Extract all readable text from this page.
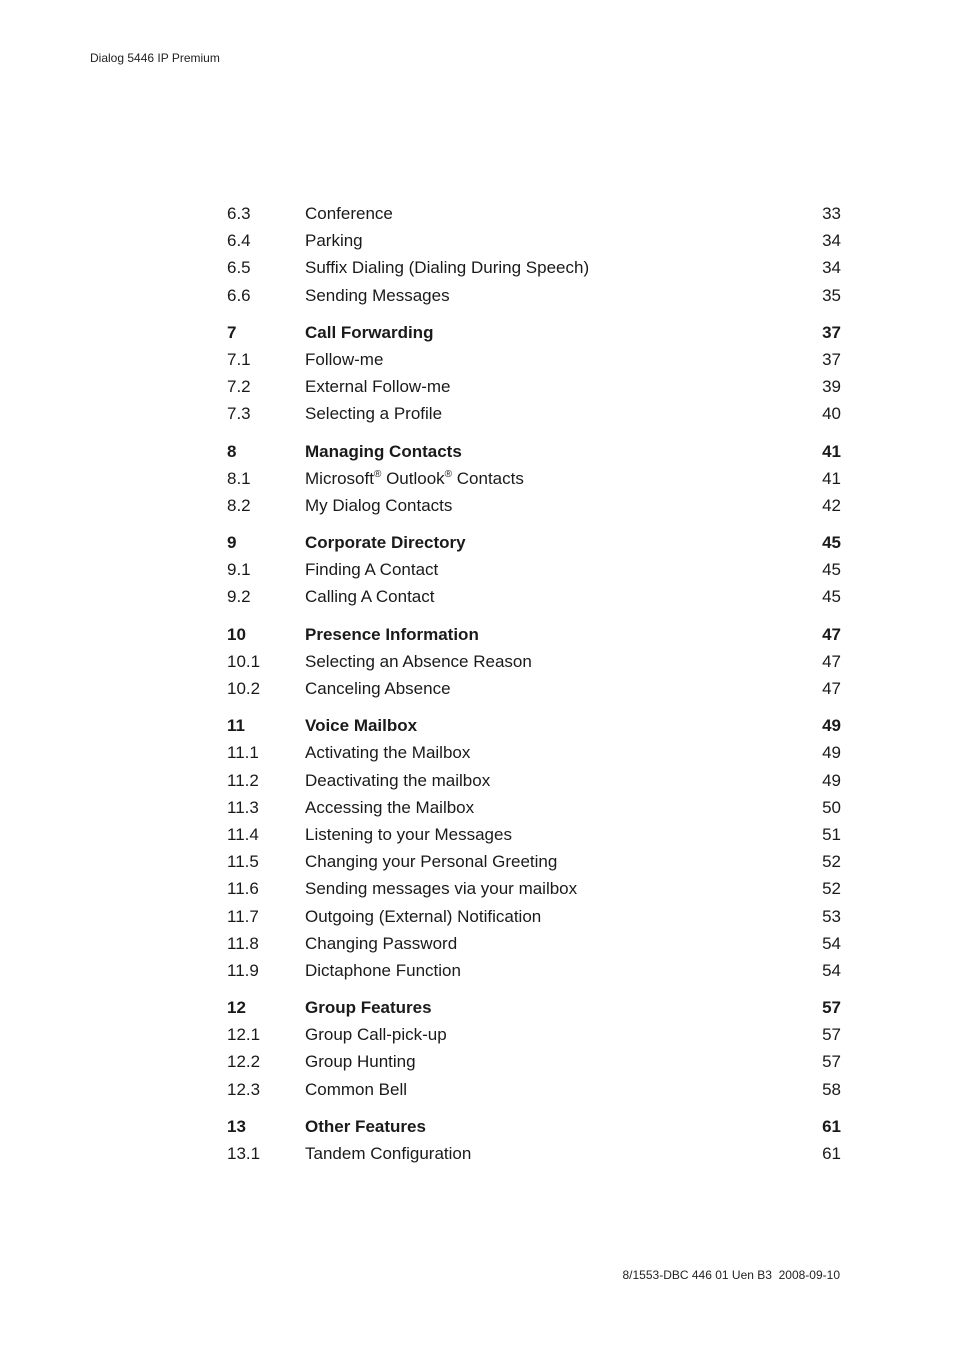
Dialog 5446 IP Premium
6.3	Conference	33
6.4	Parking	34
6.5	Suffix Dialing (Dialing During Speech)	34
6.6	Sending Messages	35
7	Call Forwarding	37
7.1	Follow-me	37
7.2	External Follow-me	39
7.3	Selecting a Profile	40
8	Managing Contacts	41
8.1	Microsoft® Outlook® Contacts	41
8.2	My Dialog Contacts	42
9	Corporate Directory	45
9.1	Finding A Contact	45
9.2	Calling A Contact	45
10	Presence Information	47
10.1	Selecting an Absence Reason	47
10.2	Canceling Absence	47
11	Voice Mailbox	49
11.1	Activating the Mailbox	49
11.2	Deactivating the mailbox	49
11.3	Accessing the Mailbox	50
11.4	Listening to your Messages	51
11.5	Changing your Personal Greeting	52
11.6	Sending messages via your mailbox	52
11.7	Outgoing (External) Notification	53
11.8	Changing Password	54
11.9	Dictaphone Function	54
12	Group Features	57
12.1	Group Call-pick-up	57
12.2	Group Hunting	57
12.3	Common Bell	58
13	Other Features	61
13.1	Tandem Configuration	61
8/1553-DBC 446 01 Uen B3 2008-09-10
